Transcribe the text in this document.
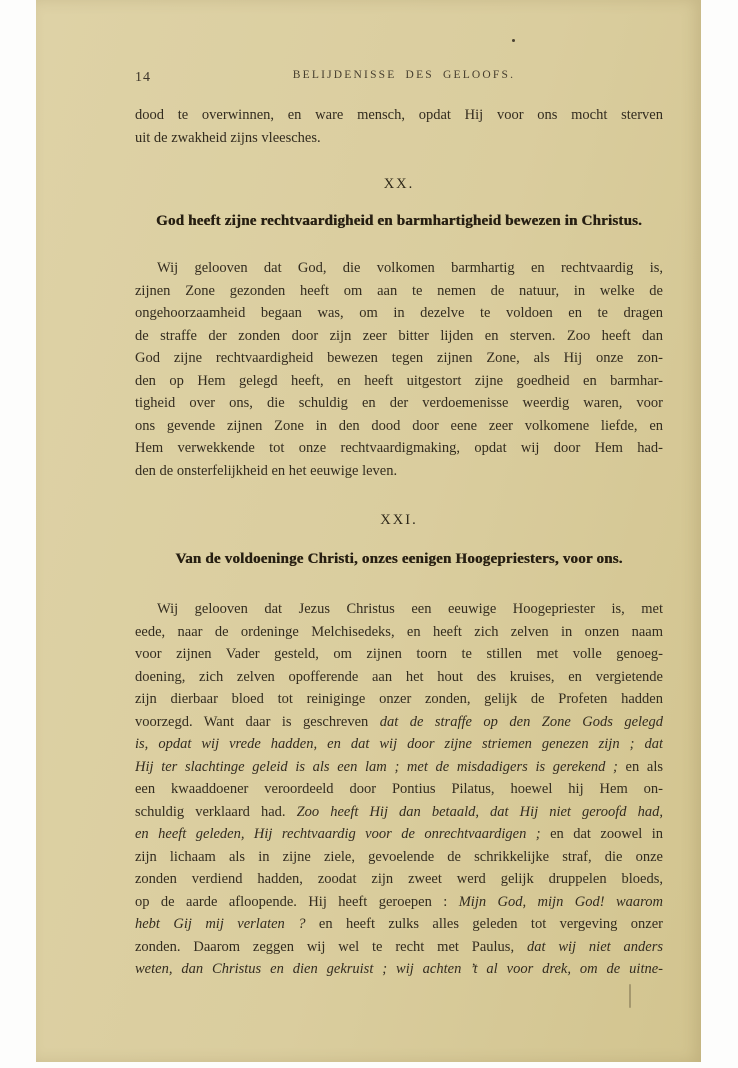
14	BELIJDENISSE DES GELOOFS.
dood te overwinnen, en ware mensch, opdat Hij voor ons mocht sterven
uit de zwakheid zijns vleesches.
XX.
God heeft zijne rechtvaardigheid en barmhartigheid bewezen in Christus.
Wij gelooven dat God, die volkomen barmhartig en rechtvaardig is,
zijnen Zone gezonden heeft om aan te nemen de natuur, in welke de
ongehoorzaamheid begaan was, om in dezelve te voldoen en te dragen
de straffe der zonden door zijn zeer bitter lijden en sterven. Zoo heeft dan
God zijne rechtvaardigheid bewezen tegen zijnen Zone, als Hij onze zon-
den op Hem gelegd heeft, en heeft uitgestort zijne goedheid en barmhar-
tigheid over ons, die schuldig en der verdoemenisse weerdig waren, voor
ons gevende zijnen Zone in den dood door eene zeer volkomene liefde, en
Hem verwekkende tot onze rechtvaardigmaking, opdat wij door Hem had-
den de onsterfelijkheid en het eeuwige leven.
XXI.
Van de voldoeninge Christi, onzes eenigen Hoogepriesters, voor ons.
Wij gelooven dat Jezus Christus een eeuwige Hoogepriester is, met
eede, naar de ordeninge Melchisedeks, en heeft zich zelven in onzen naam
voor zijnen Vader gesteld, om zijnen toorn te stillen met volle genoeg-
doening, zich zelven opofferende aan het hout des kruises, en vergietende
zijn dierbaar bloed tot reiniginge onzer zonden, gelijk de Profeten hadden
voorzegd. Want daar is geschreven dat de straffe op den Zone Gods gelegd
is, opdat wij vrede hadden, en dat wij door zijne striemen genezen zijn ; dat
Hij ter slachtinge geleid is als een lam ; met de misdadigers is gerekend ; en als
een kwaaddoener veroordeeld door Pontius Pilatus, hoewel hij Hem on-
schuldig verklaard had. Zoo heeft Hij dan betaald, dat Hij niet geroofd had,
en heeft geleden, Hij rechtvaardig voor de onrechtvaardigen ; en dat zoowel in
zijn lichaam als in zijne ziele, gevoelende de schrikkelijke straf, die onze
zonden verdiend hadden, zoodat zijn zweet werd gelijk druppelen bloeds,
op de aarde afloopende. Hij heeft geroepen : Mijn God, mijn God! waarom
hebt Gij mij verlaten ? en heeft zulks alles geleden tot vergeving onzer
zonden. Daarom zeggen wij wel te recht met Paulus, dat wij niet anders
weten, dan Christus en dien gekruist ; wij achten ’t al voor drek, om de uitne-
